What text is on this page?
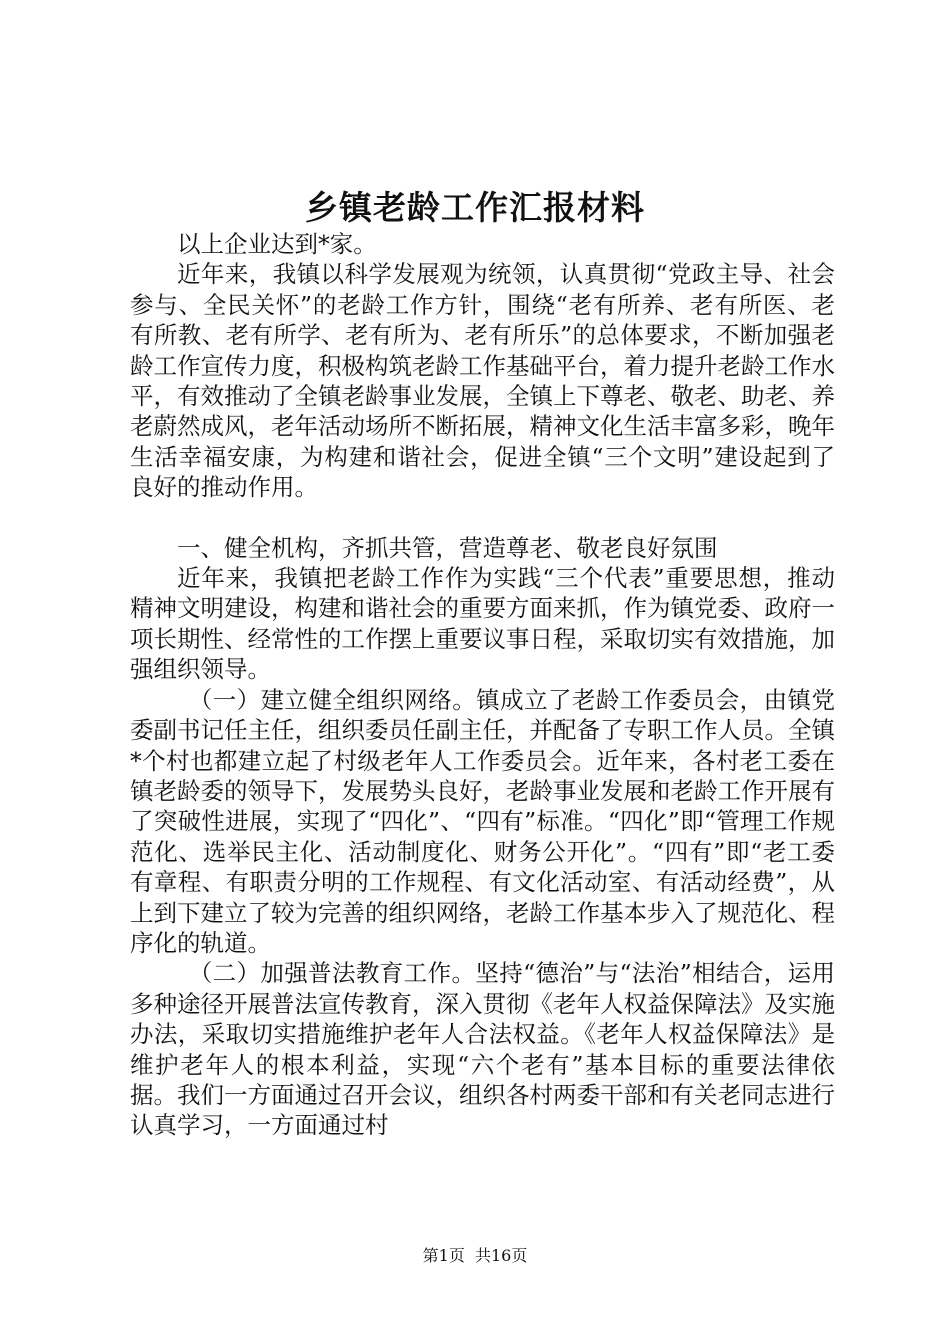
乡镇老龄工作汇报材料

以上企业达到*家。

近年来，我镇以科学发展观为统领，认真贯彻“党政主导、社会参与、全民关怀”的老龄工作方针，围绕“老有所养、老有所医、老有所教、老有所学、老有所为、老有所乐”的总体要求，不断加强老龄工作宣传力度，积极构筑老龄工作基础平台，着力提升老龄工作水平，有效推动了全镇老龄事业发展，全镇上下尊老、敬老、助老、养老蔚然成风，老年活动场所不断拓展，精神文化生活丰富多彩，晚年生活幸福安康，为构建和谐社会，促进全镇“三个文明”建设起到了良好的推动作用。

一、健全机构，齐抓共管，营造尊老、敬老良好氛围

近年来，我镇把老龄工作作为实践“三个代表”重要思想，推动精神文明建设，构建和谐社会的重要方面来抓，作为镇党委、政府一项长期性、经常性的工作摆上重要议事日程，采取切实有效措施，加强组织领导。

（一）建立健全组织网络。镇成立了老龄工作委员会，由镇党委副书记任主任，组织委员任副主任，并配备了专职工作人员。全镇*个村也都建立起了村级老年人工作委员会。近年来，各村老工委在镇老龄委的领导下，发展势头良好，老龄事业发展和老龄工作开展有了突破性进展，实现了“四化”、“四有”标准。“四化”即“管理工作规范化、选举民主化、活动制度化、财务公开化”。“四有”即“老工委有章程、有职责分明的工作规程、有文化活动室、有活动经费”，从上到下建立了较为完善的组织网络，老龄工作基本步入了规范化、程序化的轨道。

（二）加强普法教育工作。坚持“德治”与“法治”相结合，运用多种途径开展普法宣传教育，深入贯彻《老年人权益保障法》及实施办法，采取切实措施维护老年人合法权益。《老年人权益保障法》是维护老年人的根本利益，实现“六个老有”基本目标的重要法律依据。我们一方面通过召开会议，组织各村两委干部和有关老同志进行认真学习，一方面通过村

第1页  共16页
